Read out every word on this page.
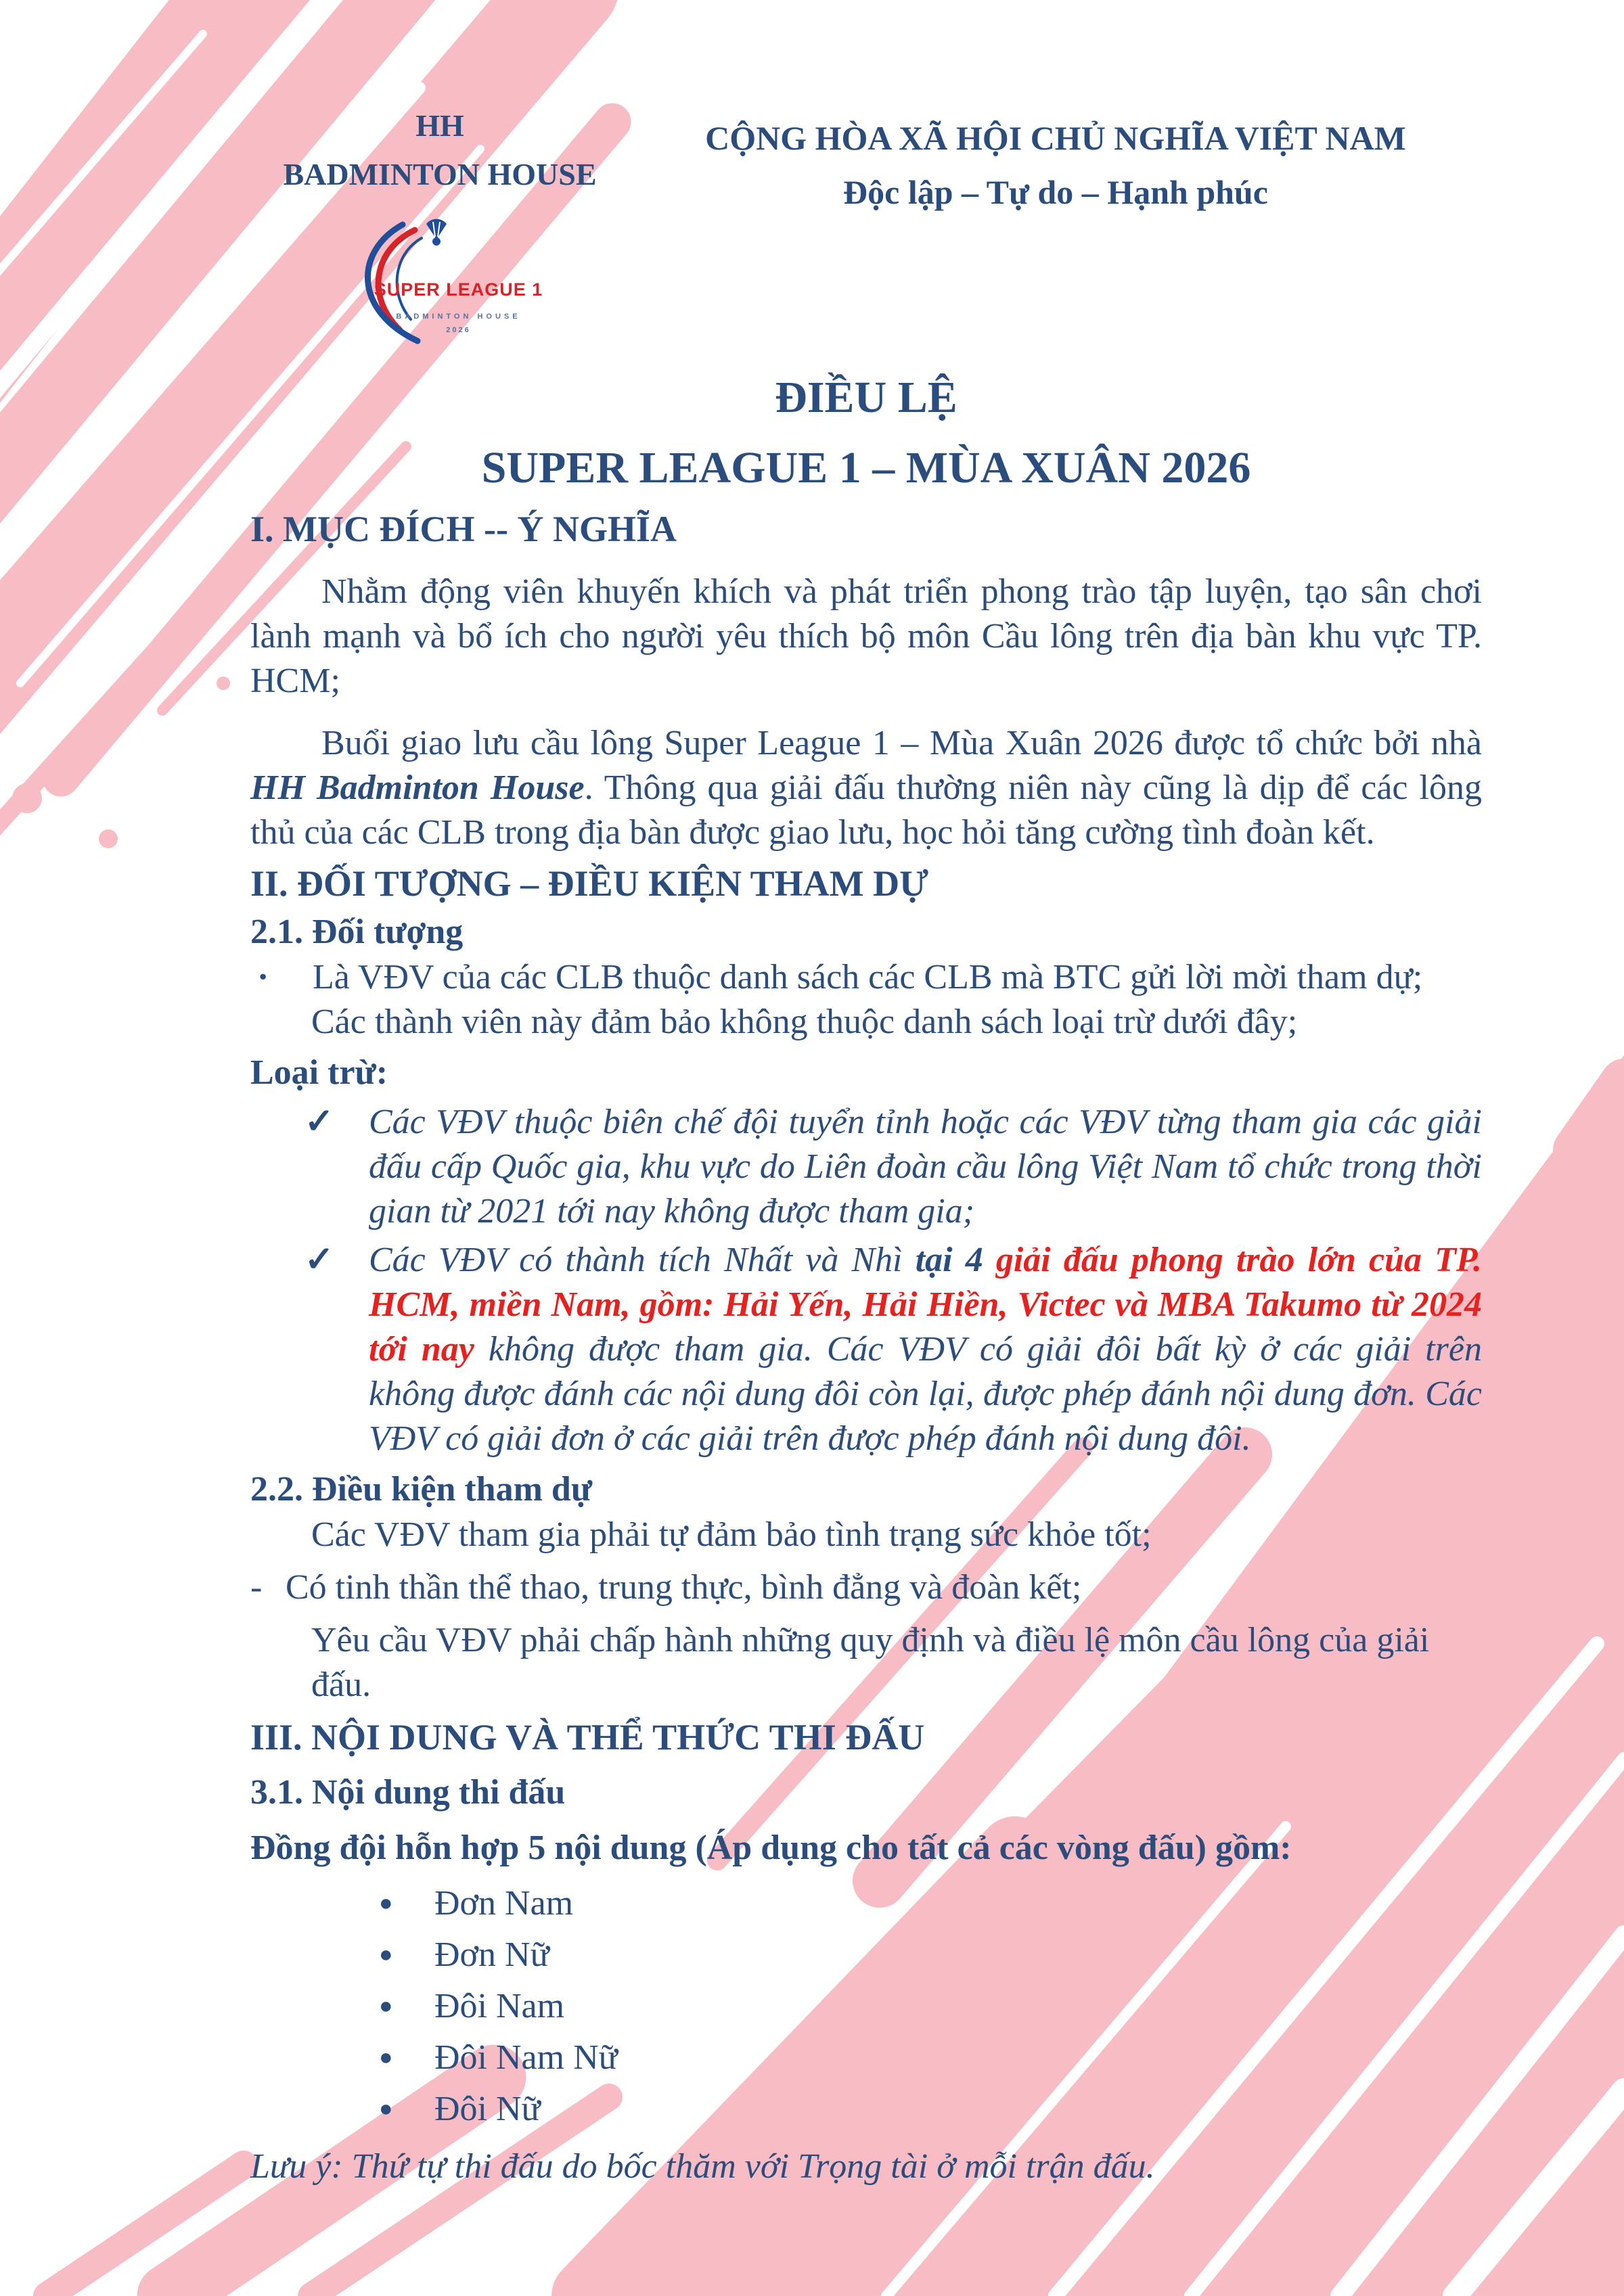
HH
BADMINTON HOUSE
SUPER LEAGUE 1
BADMINTON HOUSE
2026
CỘNG HÒA XÃ HỘI CHỦ NGHĨA VIỆT NAM
Độc lập – Tự do – Hạnh phúc
ĐIỀU LỆ
SUPER LEAGUE 1 – MÙA XUÂN 2026
I. MỤC ĐÍCH -- Ý NGHĨA
Nhằm động viên khuyến khích và phát triển phong trào tập luyện, tạo sân chơi lành mạnh và bổ ích cho người yêu thích bộ môn Cầu lông trên địa bàn khu vực TP. HCM;
Buổi giao lưu cầu lông Super League 1 – Mùa Xuân 2026 được tổ chức bởi nhà HH Badminton House. Thông qua giải đấu thường niên này cũng là dịp để các lông thủ của các CLB trong địa bàn được giao lưu, học hỏi tăng cường tình đoàn kết.
II. ĐỐI TƯỢNG – ĐIỀU KIỆN THAM DỰ
2.1. Đối tượng
·	Là VĐV của các CLB thuộc danh sách các CLB mà BTC gửi lời mời tham dự;
Các thành viên này đảm bảo không thuộc danh sách loại trừ dưới đây;
Loại trừ:
✓ Các VĐV thuộc biên chế đội tuyển tỉnh hoặc các VĐV từng tham gia các giải đấu cấp Quốc gia, khu vực do Liên đoàn cầu lông Việt Nam tổ chức trong thời gian từ 2021 tới nay không được tham gia;
✓ Các VĐV có thành tích Nhất và Nhì tại 4 giải đấu phong trào lớn của TP. HCM, miền Nam, gồm: Hải Yến, Hải Hiền, Victec và MBA Takumo từ 2024 tới nay không được tham gia. Các VĐV có giải đôi bất kỳ ở các giải trên không được đánh các nội dung đôi còn lại, được phép đánh nội dung đơn. Các VĐV có giải đơn ở các giải trên được phép đánh nội dung đôi.
2.2. Điều kiện tham dự
Các VĐV tham gia phải tự đảm bảo tình trạng sức khỏe tốt;
- Có tinh thần thể thao, trung thực, bình đẳng và đoàn kết;
Yêu cầu VĐV phải chấp hành những quy định và điều lệ môn cầu lông của giải đấu.
III. NỘI DUNG VÀ THỂ THỨC THI ĐẤU
3.1. Nội dung thi đấu
Đồng đội hỗn hợp 5 nội dung (Áp dụng cho tất cả các vòng đấu) gồm:
●	Đơn Nam
●	Đơn Nữ
●	Đôi Nam
●	Đôi Nam Nữ
●	Đôi Nữ
Lưu ý: Thứ tự thi đấu do bốc thăm với Trọng tài ở mỗi trận đấu.
